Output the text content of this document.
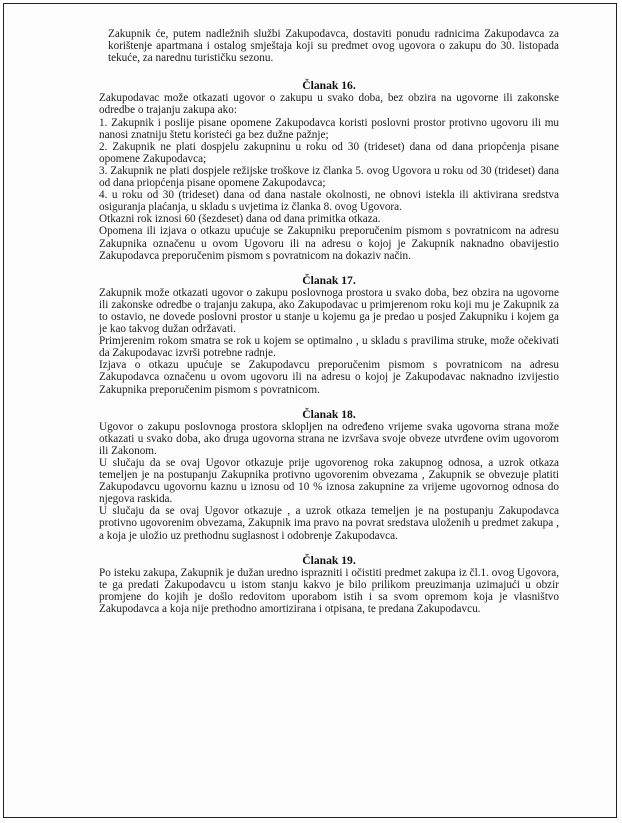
Zakupnik će, putem nadležnih službi Zakupodavca, dostaviti ponudu radnicima Zakupodavca za korištenje apartmana i ostalog smještaja koji su predmet ovog ugovora o zakupu do 30. listopada tekuće, za narednu turističku sezonu.

Članak 16.

Zakupodavac može otkazati ugovor o zakupu u svako doba, bez obzira na ugovorne ili zakonske odredbe o trajanju zakupa ako:

1. Zakupnik i poslije pisane opomene Zakupodavca koristi poslovni prostor protivno ugovoru ili mu nanosi znatniju štetu koristeći ga bez dužne pažnje;

2. Zakupnik ne plati dospjelu zakupninu u roku od 30 (trideset) dana od dana priopćenja pisane opomene Zakupodavca;

3. Zakupnik ne plati dospjele režijske troškove iz članka 5. ovog Ugovora u roku od 30 (trideset) dana od dana priopćenja pisane opomene Zakupodavca;

4. u roku od 30 (trideset) dana od dana nastale okolnosti, ne obnovi istekla ili aktivirana sredstva osiguranja plaćanja, u skladu s uvjetima iz članka 8. ovog Ugovora.

Otkazni rok iznosi 60 (šezdeset) dana od dana primitka otkaza.

Opomena ili izjava o otkazu upućuje se Zakupniku preporučenim pismom s povratnicom na adresu Zakupnika označenu u ovom Ugovoru ili na adresu o kojoj je Zakupnik naknadno obavijestio Zakupodavca preporučenim pismom s povratnicom na dokaziv način.

Članak 17.

Zakupnik može otkazati ugovor o zakupu poslovnoga prostora u svako doba, bez obzira na ugovorne ili zakonske odredbe o trajanju zakupa, ako Zakupodavac u primjerenom roku koji mu je Zakupnik za to ostavio, ne dovede poslovni prostor u stanje u kojemu ga je predao u posjed Zakupniku i kojem ga je kao takvog dužan održavati.

Primjerenim rokom smatra se rok u kojem se optimalno , u skladu s pravilima struke, može očekivati da Zakupodavac izvrši potrebne radnje.

Izjava o otkazu upućuje se Zakupodavcu preporučenim pismom s povratnicom na adresu Zakupodavca označenu u ovom ugovoru ili na adresu o kojoj je Zakupodavac naknadno izvijestio Zakupnika preporučenim pismom s povratnicom.

Članak 18.

Ugovor o zakupu poslovnoga prostora sklopljen na određeno vrijeme svaka ugovorna strana može otkazati u svako doba, ako druga ugovorna strana ne izvršava svoje obveze utvrđene ovim ugovorom ili Zakonom.

U slučaju da se ovaj Ugovor otkazuje prije ugovorenog roka zakupnog odnosa, a uzrok otkaza temeljen je na postupanju Zakupnika protivno ugovorenim obvezama , Zakupnik se obvezuje platiti Zakupodavcu ugovornu kaznu u iznosu od 10 % iznosa zakupnine za vrijeme ugovornog odnosa do njegova raskida.

U slučaju da se ovaj Ugovor otkazuje , a uzrok otkaza temeljen je na postupanju Zakupodavca protivno ugovorenim obvezama, Zakupnik ima pravo na povrat sredstava uloženih u predmet zakupa , a koja je uložio uz prethodnu suglasnost i odobrenje Zakupodavca.

Članak 19.

Po isteku zakupa, Zakupnik je dužan uredno isprazniti i očistiti predmet zakupa iz čl.1. ovog Ugovora, te ga predati Zakupodavcu u istom stanju kakvo je bilo prilikom preuzimanja uzimajući u obzir promjene do kojih je došlo redovitom uporabom istih i sa svom opremom koja je vlasništvo Zakupodavca a koja nije prethodno amortizirana i otpisana, te predana Zakupodavcu.
